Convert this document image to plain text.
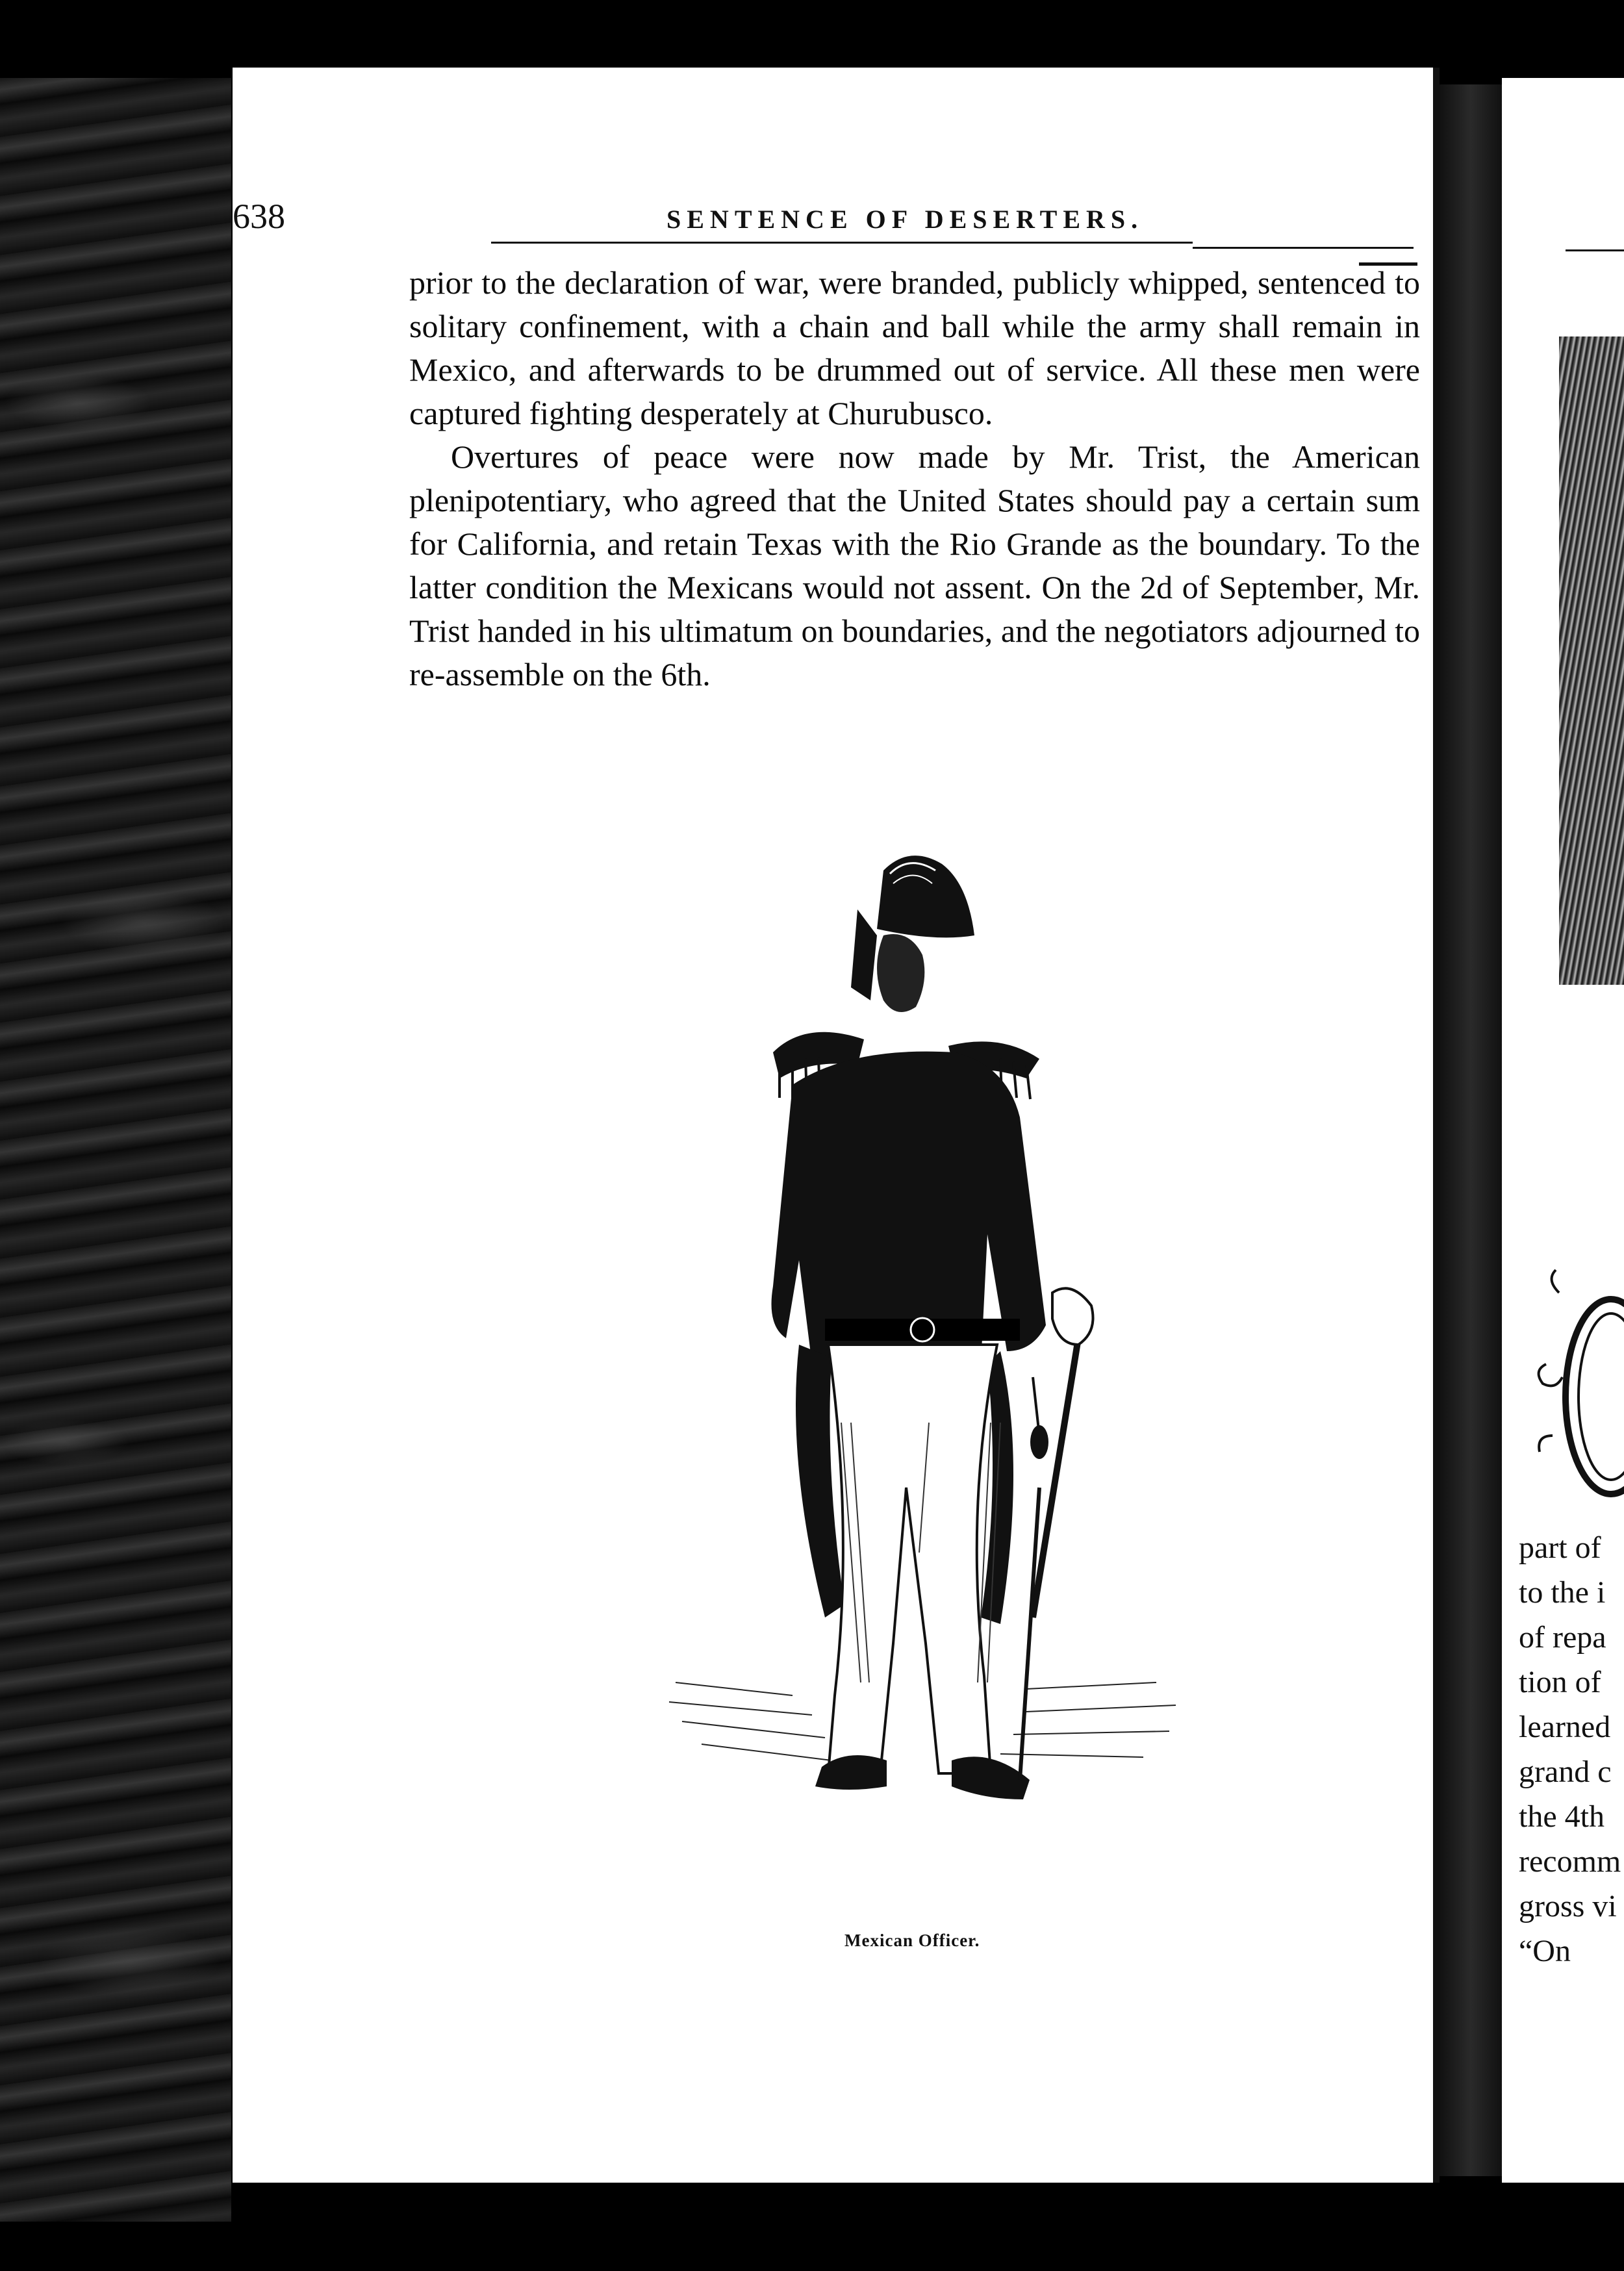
part of
to the i
of repa
tion of
learned
grand c
the 4th
recomm
gross vi
“On
638	SENTENCE OF DESERTERS.

prior to the declaration of war, were branded, publicly whipped, sentenced to solitary confinement, with a chain and ball while the army shall remain in Mexico, and afterwards to be drummed out of service. All these men were captured fighting desperately at Churubusco.

Overtures of peace were now made by Mr. Trist, the American plenipotentiary, who agreed that the United States should pay a certain sum for California, and retain Texas with the Rio Grande as the boundary. To the latter condition the Mexicans would not assent. On the 2d of September, Mr. Trist handed in his ultimatum on boundaries, and the negotiators adjourned to re-assemble on the 6th.

Mexican Officer.
